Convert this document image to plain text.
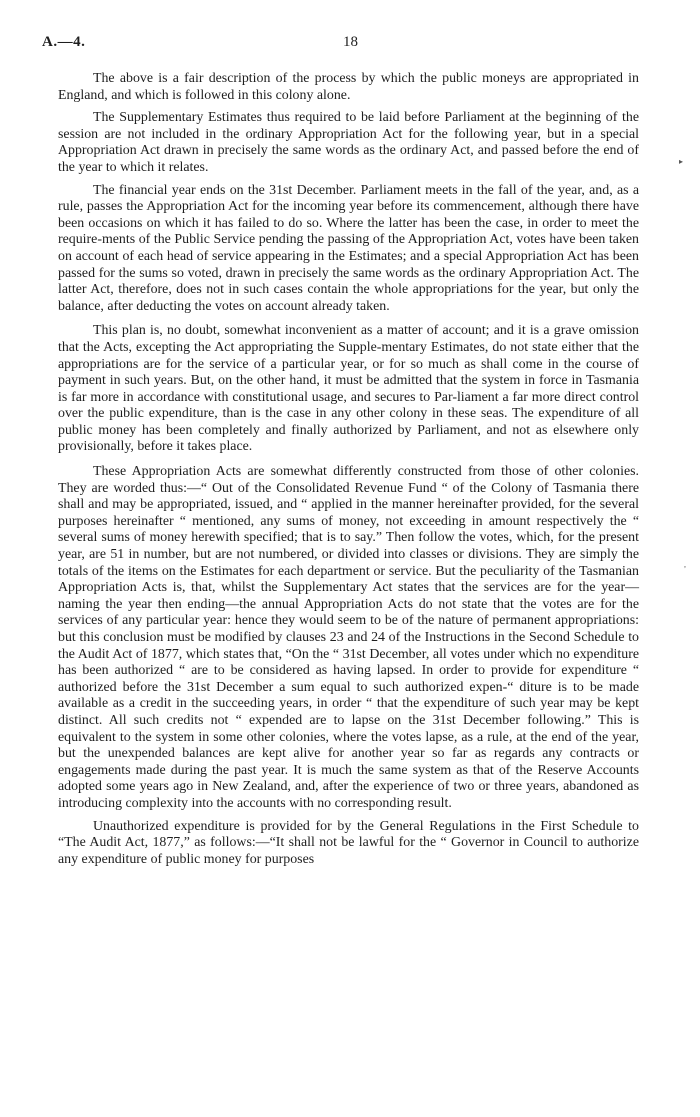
A.—4.	18
▸
,

The above is a fair description of the process by which the public moneys are appropriated in England, and which is followed in this colony alone.

The Supplementary Estimates thus required to be laid before Parliament at the beginning of the session are not included in the ordinary Appropriation Act for the following year, but in a special Appropriation Act drawn in precisely the same words as the ordinary Act, and passed before the end of the year to which it relates.

The financial year ends on the 31st December. Parliament meets in the fall of the year, and, as a rule, passes the Appropriation Act for the incoming year before its commencement, although there have been occasions on which it has failed to do so. Where the latter has been the case, in order to meet the require-ments of the Public Service pending the passing of the Appropriation Act, votes have been taken on account of each head of service appearing in the Estimates; and a special Appropriation Act has been passed for the sums so voted, drawn in precisely the same words as the ordinary Appropriation Act. The latter Act, therefore, does not in such cases contain the whole appropriations for the year, but only the balance, after deducting the votes on account already taken.

This plan is, no doubt, somewhat inconvenient as a matter of account; and it is a grave omission that the Acts, excepting the Act appropriating the Supple-mentary Estimates, do not state either that the appropriations are for the service of a particular year, or for so much as shall come in the course of payment in such years. But, on the other hand, it must be admitted that the system in force in Tasmania is far more in accordance with constitutional usage, and secures to Par-liament a far more direct control over the public expenditure, than is the case in any other colony in these seas. The expenditure of all public money has been completely and finally authorized by Parliament, and not as elsewhere only provisionally, before it takes place.

These Appropriation Acts are somewhat differently constructed from those of other colonies. They are worded thus:—“ Out of the Consolidated Revenue Fund “ of the Colony of Tasmania there shall and may be appropriated, issued, and “ applied in the manner hereinafter provided, for the several purposes hereinafter “ mentioned, any sums of money, not exceeding in amount respectively the “ several sums of money herewith specified; that is to say.” Then follow the votes, which, for the present year, are 51 in number, but are not numbered, or divided into classes or divisions. They are simply the totals of the items on the Estimates for each department or service. But the peculiarity of the Tasmanian Appropriation Acts is, that, whilst the Supplementary Act states that the services are for the year—naming the year then ending—the annual Appropriation Acts do not state that the votes are for the services of any particular year: hence they would seem to be of the nature of permanent appropriations: but this conclusion must be modified by clauses 23 and 24 of the Instructions in the Second Schedule to the Audit Act of 1877, which states that, “On the “ 31st December, all votes under which no expenditure has been authorized “ are to be considered as having lapsed. In order to provide for expenditure “ authorized before the 31st December a sum equal to such authorized expen-“ diture is to be made available as a credit in the succeeding years, in order “ that the expenditure of such year may be kept distinct. All such credits not “ expended are to lapse on the 31st December following.” This is equivalent to the system in some other colonies, where the votes lapse, as a rule, at the end of the year, but the unexpended balances are kept alive for another year so far as regards any contracts or engagements made during the past year. It is much the same system as that of the Reserve Accounts adopted some years ago in New Zealand, and, after the experience of two or three years, abandoned as introducing complexity into the accounts with no corresponding result.

Unauthorized expenditure is provided for by the General Regulations in the First Schedule to “The Audit Act, 1877,” as follows:—“It shall not be lawful for the “ Governor in Council to authorize any expenditure of public money for purposes
